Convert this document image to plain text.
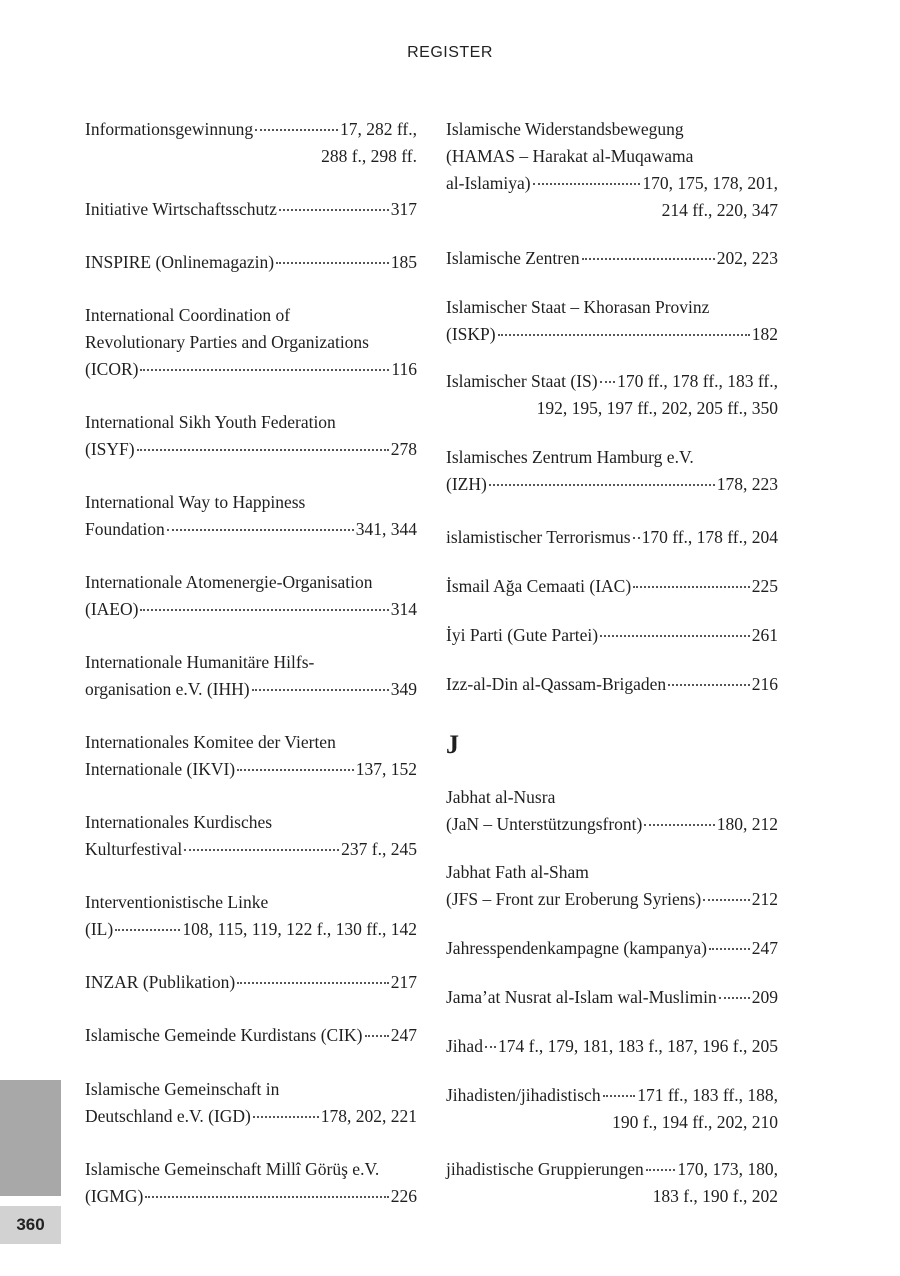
REGISTER
Informationsgewinnung	17, 282 ff.,
288 f., 298 ff.
Initiative Wirtschaftsschutz	317
INSPIRE (Onlinemagazin)	185
International Coordination of
Revolutionary Parties and Organizations
(ICOR)	116
International Sikh Youth Federation
(ISYF)	278
International Way to Happiness
Foundation	341, 344
Internationale Atomenergie-Organisation
(IAEO)	314
Internationale Humanitäre Hilfs-
organisation e.V. (IHH)	349
Internationales Komitee der Vierten
Internationale (IKVI)	137, 152
Internationales Kurdisches
Kulturfestival	237 f., 245
Interventionistische Linke
(IL)	108, 115, 119, 122 f., 130 ff., 142
INZAR (Publikation)	217
Islamische Gemeinde Kurdistans (CIK) 247
Islamische Gemeinschaft in
Deutschland e.V. (IGD)	178, 202, 221
Islamische Gemeinschaft Millî Görüş e.V.
(IGMG)	226
Islamische Widerstandsbewegung
(HAMAS – Harakat al-Muqawama
al-Islamiya)	170, 175, 178, 201,
214 ff., 220, 347
Islamische Zentren	202, 223
Islamischer Staat – Khorasan Provinz
(ISKP)	182
Islamischer Staat (IS) 170 ff., 178 ff., 183 ff.,
192, 195, 197 ff., 202, 205 ff., 350
Islamisches Zentrum Hamburg e.V.
(IZH)	178, 223
islamistischer Terrorismus 170 ff., 178 ff., 204
İsmail Ağa Cemaati (IAC)	225
İyi Parti (Gute Partei)	261
Izz-al-Din al-Qassam-Brigaden	216
J
Jabhat al-Nusra
(JaN – Unterstützungsfront)	180, 212
Jabhat Fath al-Sham
(JFS – Front zur Eroberung Syriens)	212
Jahresspendenkampagne (kampanya)	247
Jama’at Nusrat al-Islam wal-Muslimin 209
Jihad 174 f., 179, 181, 183 f., 187, 196 f., 205
Jihadisten/jihadistisch 171 ff., 183 ff., 188,
190 f., 194 ff., 202, 210
jihadistische Gruppierungen 170, 173, 180,
183 f., 190 f., 202
360
